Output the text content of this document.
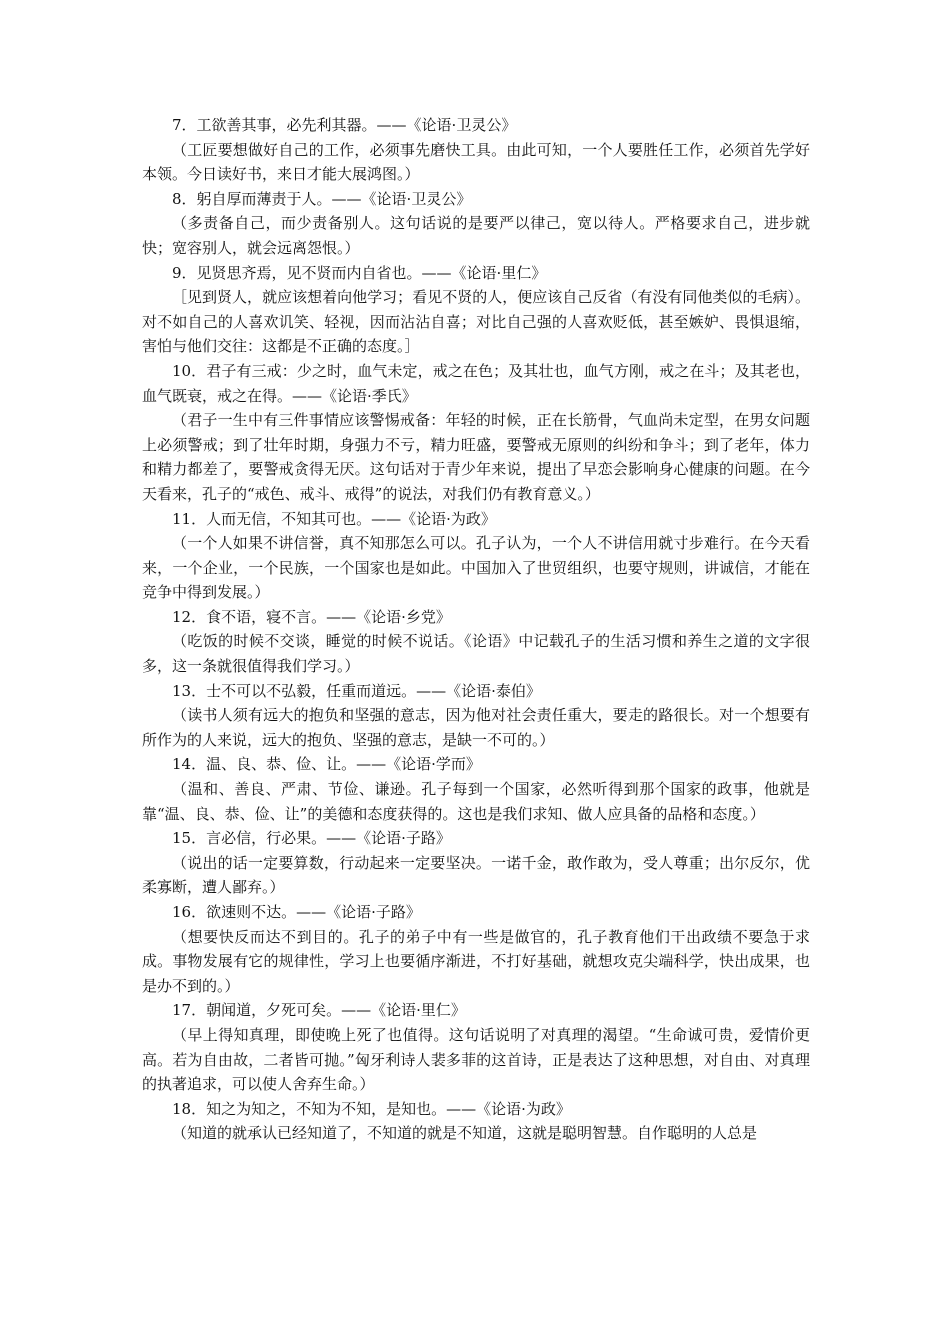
7．工欲善其事，必先利其器。——《论语·卫灵公》

（工匠要想做好自己的工作，必须事先磨快工具。由此可知，一个人要胜任工作，必须首先学好本领。今日读好书，来日才能大展鸿图。）

8．躬自厚而薄责于人。——《论语·卫灵公》

（多责备自己，而少责备别人。这句话说的是要严以律己，宽以待人。严格要求自己，进步就快；宽容别人，就会远离怨恨。）

9．见贤思齐焉，见不贤而内自省也。——《论语·里仁》

［见到贤人，就应该想着向他学习；看见不贤的人，便应该自己反省（有没有同他类似的毛病）。对不如自己的人喜欢讥笑、轻视，因而沾沾自喜；对比自己强的人喜欢贬低，甚至嫉妒、畏惧退缩，害怕与他们交往：这都是不正确的态度。］

10．君子有三戒：少之时，血气未定，戒之在色；及其壮也，血气方刚，戒之在斗；及其老也，血气既衰，戒之在得。——《论语·季氏》

（君子一生中有三件事情应该警惕戒备：年轻的时候，正在长筋骨，气血尚未定型，在男女问题上必须警戒；到了壮年时期，身强力不亏，精力旺盛，要警戒无原则的纠纷和争斗；到了老年，体力和精力都差了，要警戒贪得无厌。这句话对于青少年来说，提出了早恋会影响身心健康的问题。在今天看来，孔子的“戒色、戒斗、戒得”的说法，对我们仍有教育意义。）

11．人而无信，不知其可也。——《论语·为政》

（一个人如果不讲信誉，真不知那怎么可以。孔子认为，一个人不讲信用就寸步难行。在今天看来，一个企业，一个民族，一个国家也是如此。中国加入了世贸组织，也要守规则，讲诚信，才能在竞争中得到发展。）

12．食不语，寝不言。——《论语·乡党》

（吃饭的时候不交谈，睡觉的时候不说话。《论语》中记载孔子的生活习惯和养生之道的文字很多，这一条就很值得我们学习。）

13．士不可以不弘毅，任重而道远。——《论语·泰伯》

（读书人须有远大的抱负和坚强的意志，因为他对社会责任重大，要走的路很长。对一个想要有所作为的人来说，远大的抱负、坚强的意志，是缺一不可的。）

14．温、良、恭、俭、让。——《论语·学而》

（温和、善良、严肃、节俭、谦逊。孔子每到一个国家，必然听得到那个国家的政事，他就是靠“温、良、恭、俭、让”的美德和态度获得的。这也是我们求知、做人应具备的品格和态度。）

15．言必信，行必果。——《论语·子路》

（说出的话一定要算数，行动起来一定要坚决。一诺千金，敢作敢为，受人尊重；出尔反尔，优柔寡断，遭人鄙弃。）

16．欲速则不达。——《论语·子路》

（想要快反而达不到目的。孔子的弟子中有一些是做官的，孔子教育他们干出政绩不要急于求成。事物发展有它的规律性，学习上也要循序渐进，不打好基础，就想攻克尖端科学，快出成果，也是办不到的。）

17．朝闻道，夕死可矣。——《论语·里仁》

（早上得知真理，即使晚上死了也值得。这句话说明了对真理的渴望。“生命诚可贵，爱情价更高。若为自由故，二者皆可抛。”匈牙利诗人裴多菲的这首诗，正是表达了这种思想，对自由、对真理的执著追求，可以使人舍弃生命。）

18．知之为知之，不知为不知，是知也。——《论语·为政》

（知道的就承认已经知道了，不知道的就是不知道，这就是聪明智慧。自作聪明的人总是
